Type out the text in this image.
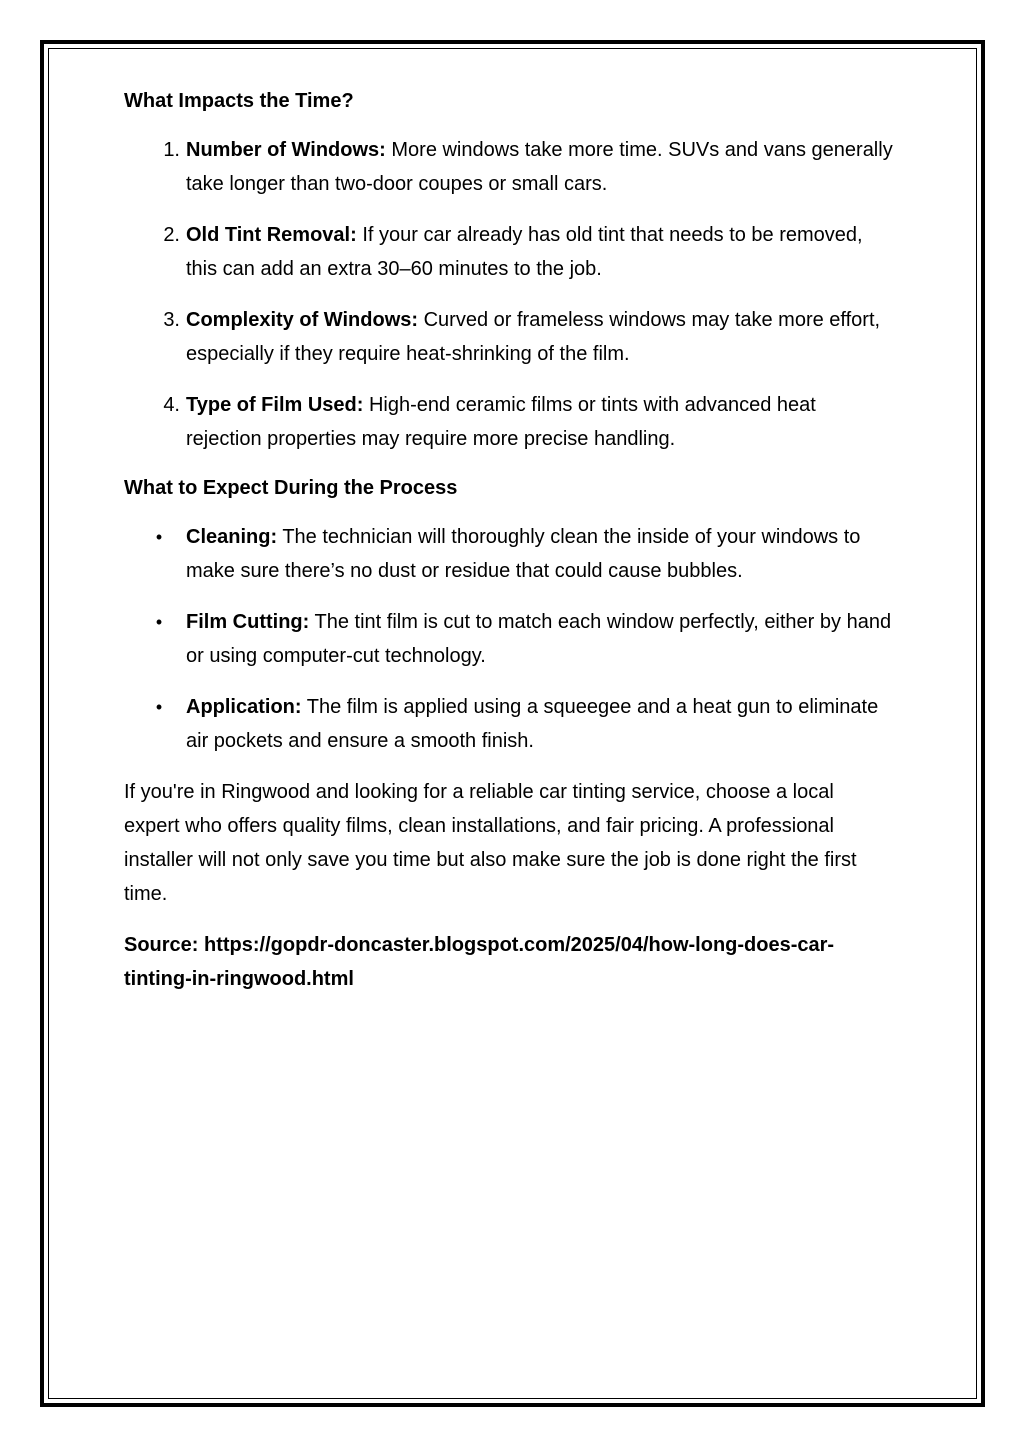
What Impacts the Time?
1. Number of Windows: More windows take more time. SUVs and vans generally take longer than two-door coupes or small cars.
2. Old Tint Removal: If your car already has old tint that needs to be removed, this can add an extra 30–60 minutes to the job.
3. Complexity of Windows: Curved or frameless windows may take more effort, especially if they require heat-shrinking of the film.
4. Type of Film Used: High-end ceramic films or tints with advanced heat rejection properties may require more precise handling.
What to Expect During the Process
• Cleaning: The technician will thoroughly clean the inside of your windows to make sure there’s no dust or residue that could cause bubbles.
• Film Cutting: The tint film is cut to match each window perfectly, either by hand or using computer-cut technology.
• Application: The film is applied using a squeegee and a heat gun to eliminate air pockets and ensure a smooth finish.

If you're in Ringwood and looking for a reliable car tinting service, choose a local expert who offers quality films, clean installations, and fair pricing. A professional installer will not only save you time but also make sure the job is done right the first time.

Source: https://gopdr-doncaster.blogspot.com/2025/04/how-long-does-car-tinting-in-ringwood.html
